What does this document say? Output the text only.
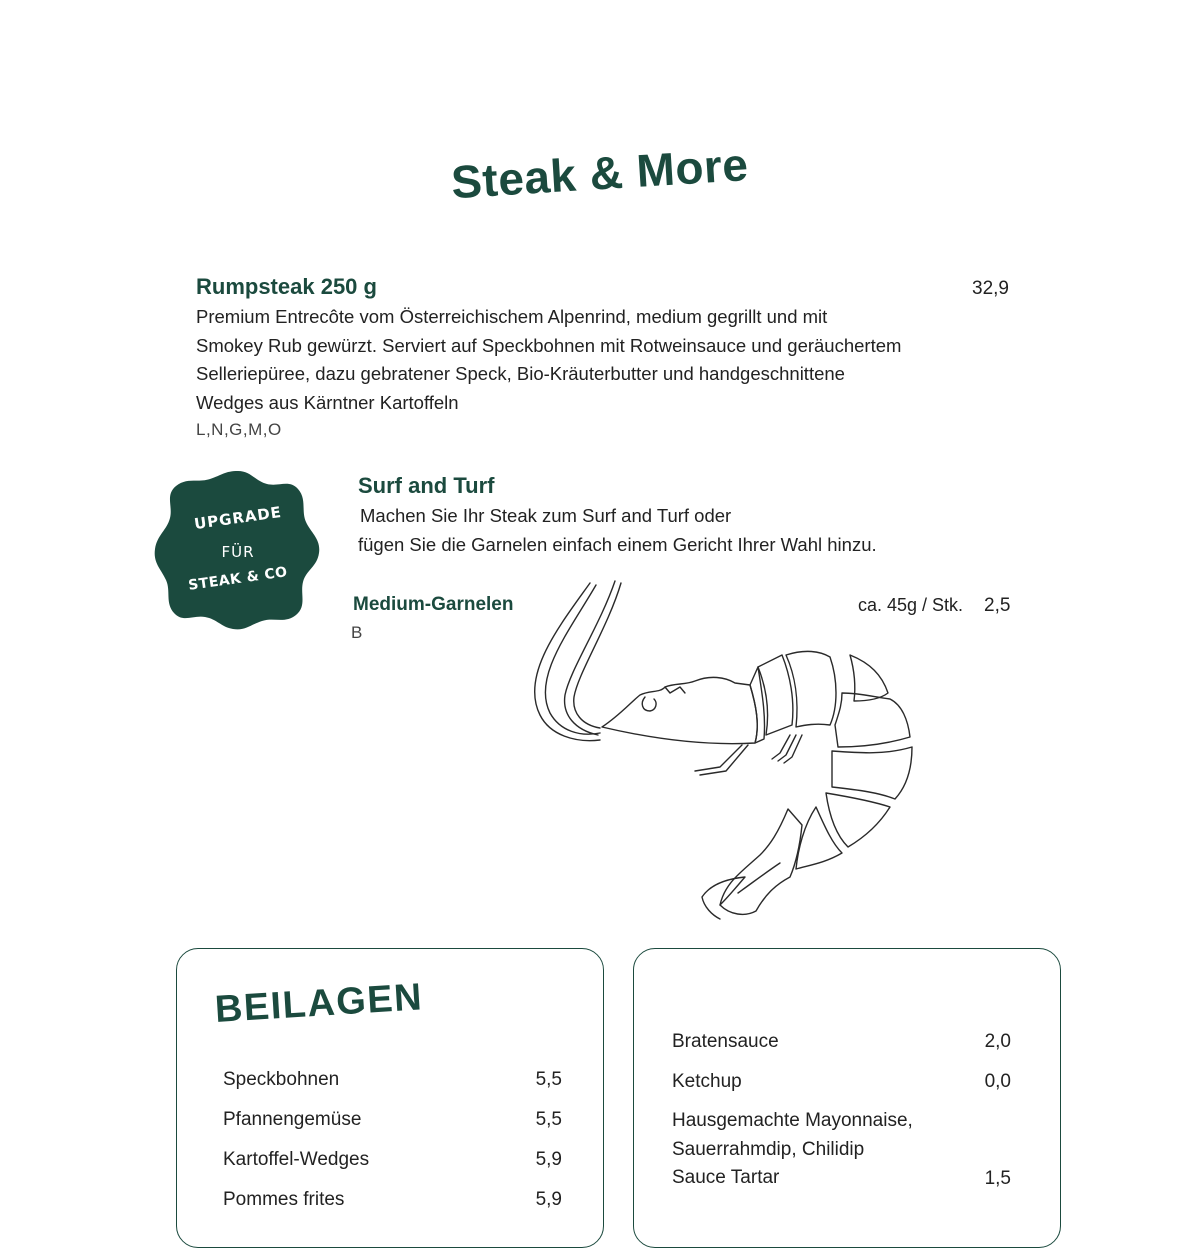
Steak & More
Rumpsteak 250 g	32,9
Premium Entrecôte vom Österreichischem Alpenrind, medium gegrillt und mit
Smokey Rub gewürzt. Serviert auf Speckbohnen mit Rotweinsauce und geräuchertem
Selleriepüree, dazu gebratener Speck, Bio-Kräuterbutter und handgeschnittene
Wedges aus Kärntner Kartoffeln
L,N,G,M,O
UPGRADE
FÜR
STEAK & CO
Surf and Turf
Machen Sie Ihr Steak zum Surf and Turf oder
fügen Sie die Garnelen einfach einem Gericht Ihrer Wahl hinzu.
Medium-Garnelen	ca. 45g / Stk. 2,5
B
BEILAGEN
Speckbohnen	5,5
Pfannengemüse	5,5
Kartoffel-Wedges	5,9
Pommes frites	5,9
Bratensauce	2,0
Ketchup	0,0
Hausgemachte Mayonnaise,
Sauerrahmdip, Chilidip
Sauce Tartar	1,5
